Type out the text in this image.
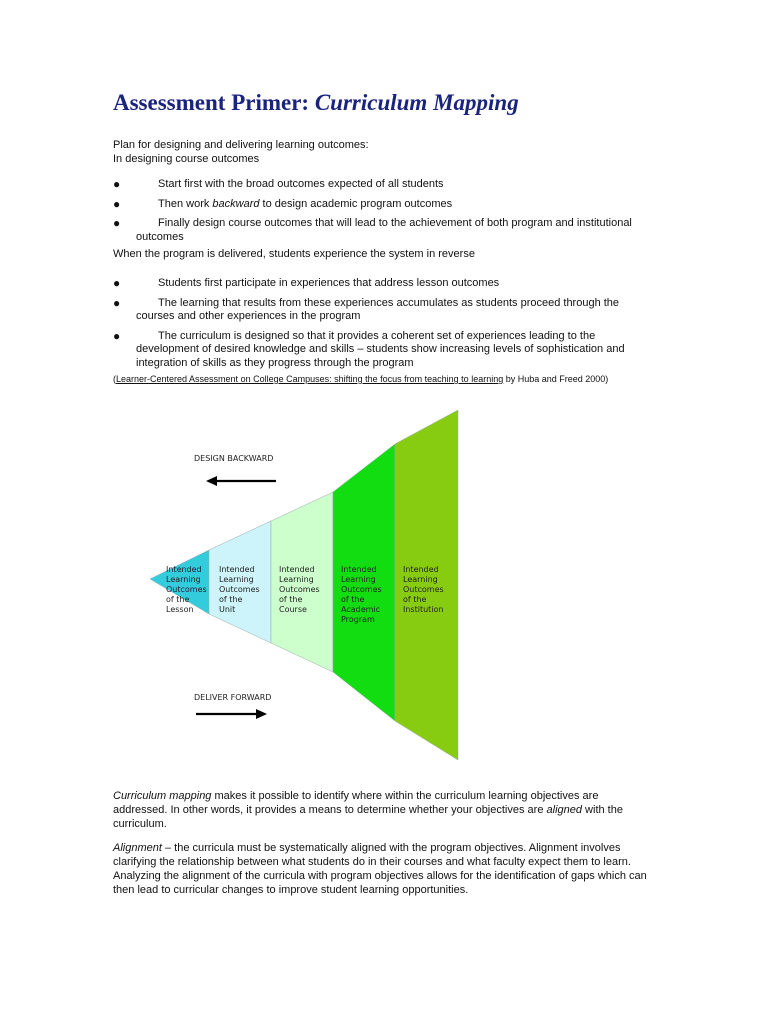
Assessment Primer: Curriculum Mapping

Plan for designing and delivering learning outcomes:
In designing course outcomes

●	Start first with the broad outcomes expected of all students
●	Then work backward to design academic program outcomes
●	Finally design course outcomes that will lead to the achievement of both program and institutional outcomes

When the program is delivered, students experience the system in reverse

●	Students first participate in experiences that address lesson outcomes
●	The learning that results from these experiences accumulates as students proceed through the courses and other experiences in the program
●	The curriculum is designed so that it provides a coherent set of experiences leading to the development of desired knowledge and skills – students show increasing levels of sophistication and integration of skills as they progress through the program

(Learner-Centered Assessment on College Campuses: shifting the focus from teaching to learning by Huba and Freed 2000)

Intended Learning Outcomes of the Lesson
Intended Learning Outcomes of the Unit
Intended Learning Outcomes of the Course
Intended Learning Outcomes of the Academic Program
Intended Learning Outcomes of the Institution
DESIGN BACKWARD
DELIVER FORWARD

Curriculum mapping makes it possible to identify where within the curriculum learning objectives are addressed. In other words, it provides a means to determine whether your objectives are aligned with the curriculum.

Alignment – the curricula must be systematically aligned with the program objectives. Alignment involves clarifying the relationship between what students do in their courses and what faculty expect them to learn. Analyzing the alignment of the curricula with program objectives allows for the identification of gaps which can then lead to curricular changes to improve student learning opportunities.
